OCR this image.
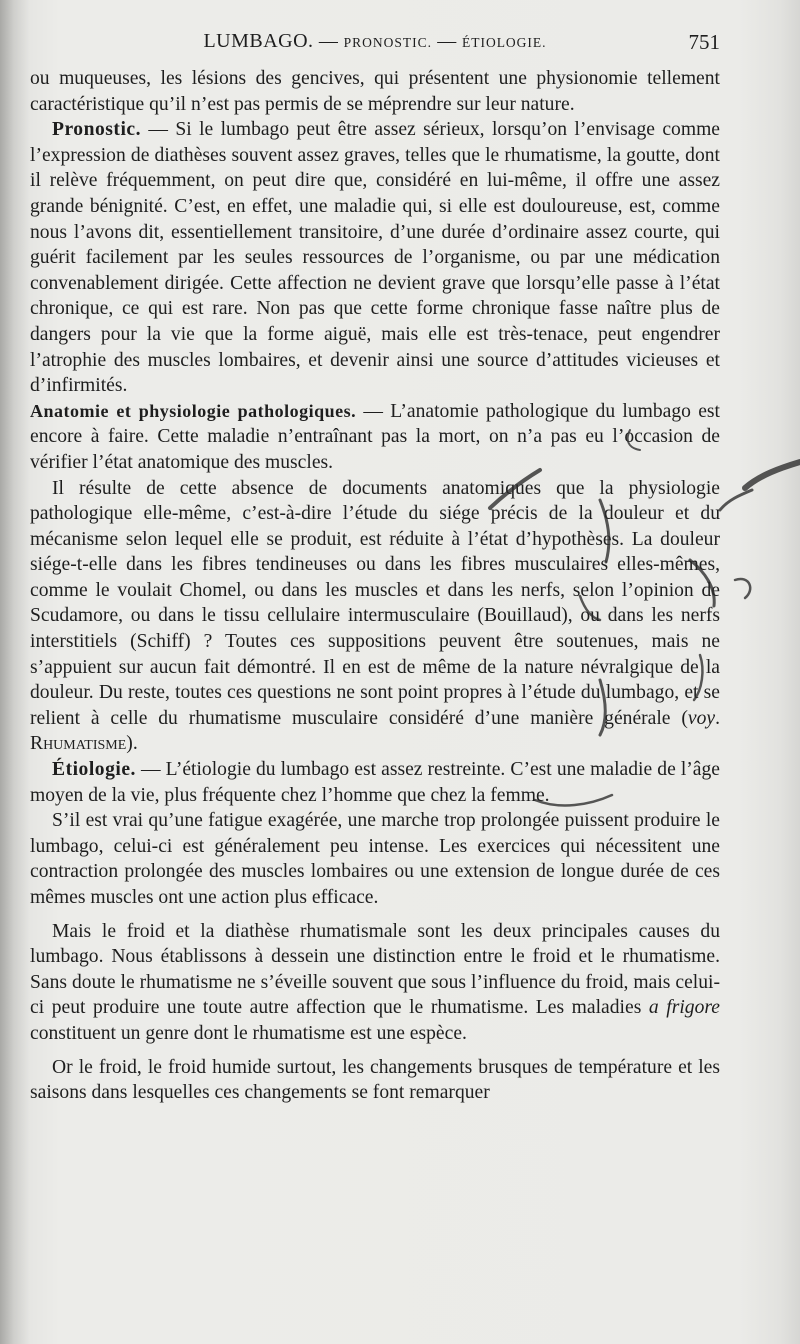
LUMBAGO. — PRONOSTIC. — ÉTIOLOGIE.	751

ou muqueuses, les lésions des gencives, qui présentent une physionomie tellement caractéristique qu’il n’est pas permis de se méprendre sur leur nature.

Pronostic. — Si le lumbago peut être assez sérieux, lorsqu’on l’envisage comme l’expression de diathèses souvent assez graves, telles que le rhumatisme, la goutte, dont il relève fréquemment, on peut dire que, considéré en lui-même, il offre une assez grande bénignité. C’est, en effet, une maladie qui, si elle est douloureuse, est, comme nous l’avons dit, essentiellement transitoire, d’une durée d’ordinaire assez courte, qui guérit facilement par les seules ressources de l’organisme, ou par une médication convenablement dirigée. Cette affection ne devient grave que lorsqu’elle passe à l’état chronique, ce qui est rare. Non pas que cette forme chronique fasse naître plus de dangers pour la vie que la forme aiguë, mais elle est très-tenace, peut engendrer l’atrophie des muscles lombaires, et devenir ainsi une source d’attitudes vicieuses et d’infirmités.

Anatomie et physiologie pathologiques. — L’anatomie pathologique du lumbago est encore à faire. Cette maladie n’entraînant pas la mort, on n’a pas eu l’occasion de vérifier l’état anatomique des muscles.

Il résulte de cette absence de documents anatomiques que la physiologie pathologique elle-même, c’est-à-dire l’étude du siége précis de la douleur et du mécanisme selon lequel elle se produit, est réduite à l’état d’hypothèses. La douleur siége-t-elle dans les fibres tendineuses ou dans les fibres musculaires elles-mêmes, comme le voulait Chomel, ou dans les muscles et dans les nerfs, selon l’opinion de Scudamore, ou dans le tissu cellulaire intermusculaire (Bouillaud), ou dans les nerfs interstitiels (Schiff) ? Toutes ces suppositions peuvent être soutenues, mais ne s’appuient sur aucun fait démontré. Il en est de même de la nature névralgique de la douleur. Du reste, toutes ces questions ne sont point propres à l’étude du lumbago, et se relient à celle du rhumatisme musculaire considéré d’une manière générale (voy. Rhumatisme).

Étiologie. — L’étiologie du lumbago est assez restreinte. C’est une maladie de l’âge moyen de la vie, plus fréquente chez l’homme que chez la femme.

S’il est vrai qu’une fatigue exagérée, une marche trop prolongée puissent produire le lumbago, celui-ci est généralement peu intense. Les exercices qui nécessitent une contraction prolongée des muscles lombaires ou une extension de longue durée de ces mêmes muscles ont une action plus efficace.

Mais le froid et la diathèse rhumatismale sont les deux principales causes du lumbago. Nous établissons à dessein une distinction entre le froid et le rhumatisme. Sans doute le rhumatisme ne s’éveille souvent que sous l’influence du froid, mais celui-ci peut produire une toute autre affection que le rhumatisme. Les maladies a frigore constituent un genre dont le rhumatisme est une espèce.

Or le froid, le froid humide surtout, les changements brusques de température et les saisons dans lesquelles ces changements se font remarquer
